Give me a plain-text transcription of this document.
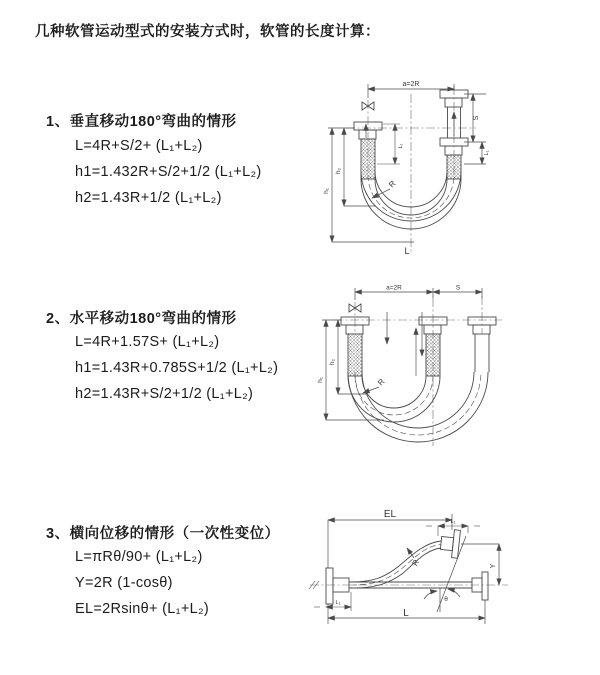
几种软管运动型式的安装方式时，软管的长度计算：
1、垂直移动180°弯曲的情形
L=4R+S/2+ (L₁+L₂)
h1=1.432R+S/2+1/2 (L₁+L₂)
h2=1.43R+1/2 (L₁+L₂)
2、水平移动180°弯曲的情形
L=4R+1.57S+ (L₁+L₂)
h1=1.43R+0.785S+1/2 (L₁+L₂)
h2=1.43R+S/2+1/2 (L₁+L₂)
3、横向位移的情形（一次性变位）
L=πRθ/90+ (L₁+L₂)
Y=2R (1-cosθ)
EL=2Rsinθ+ (L₁+L₂)
a=2R
L₁
S
L₁
h₁
h₂
R
L
a=2R	S
h₁
h₂
R
EL
L₁
Y
L
L₁
R
θ
